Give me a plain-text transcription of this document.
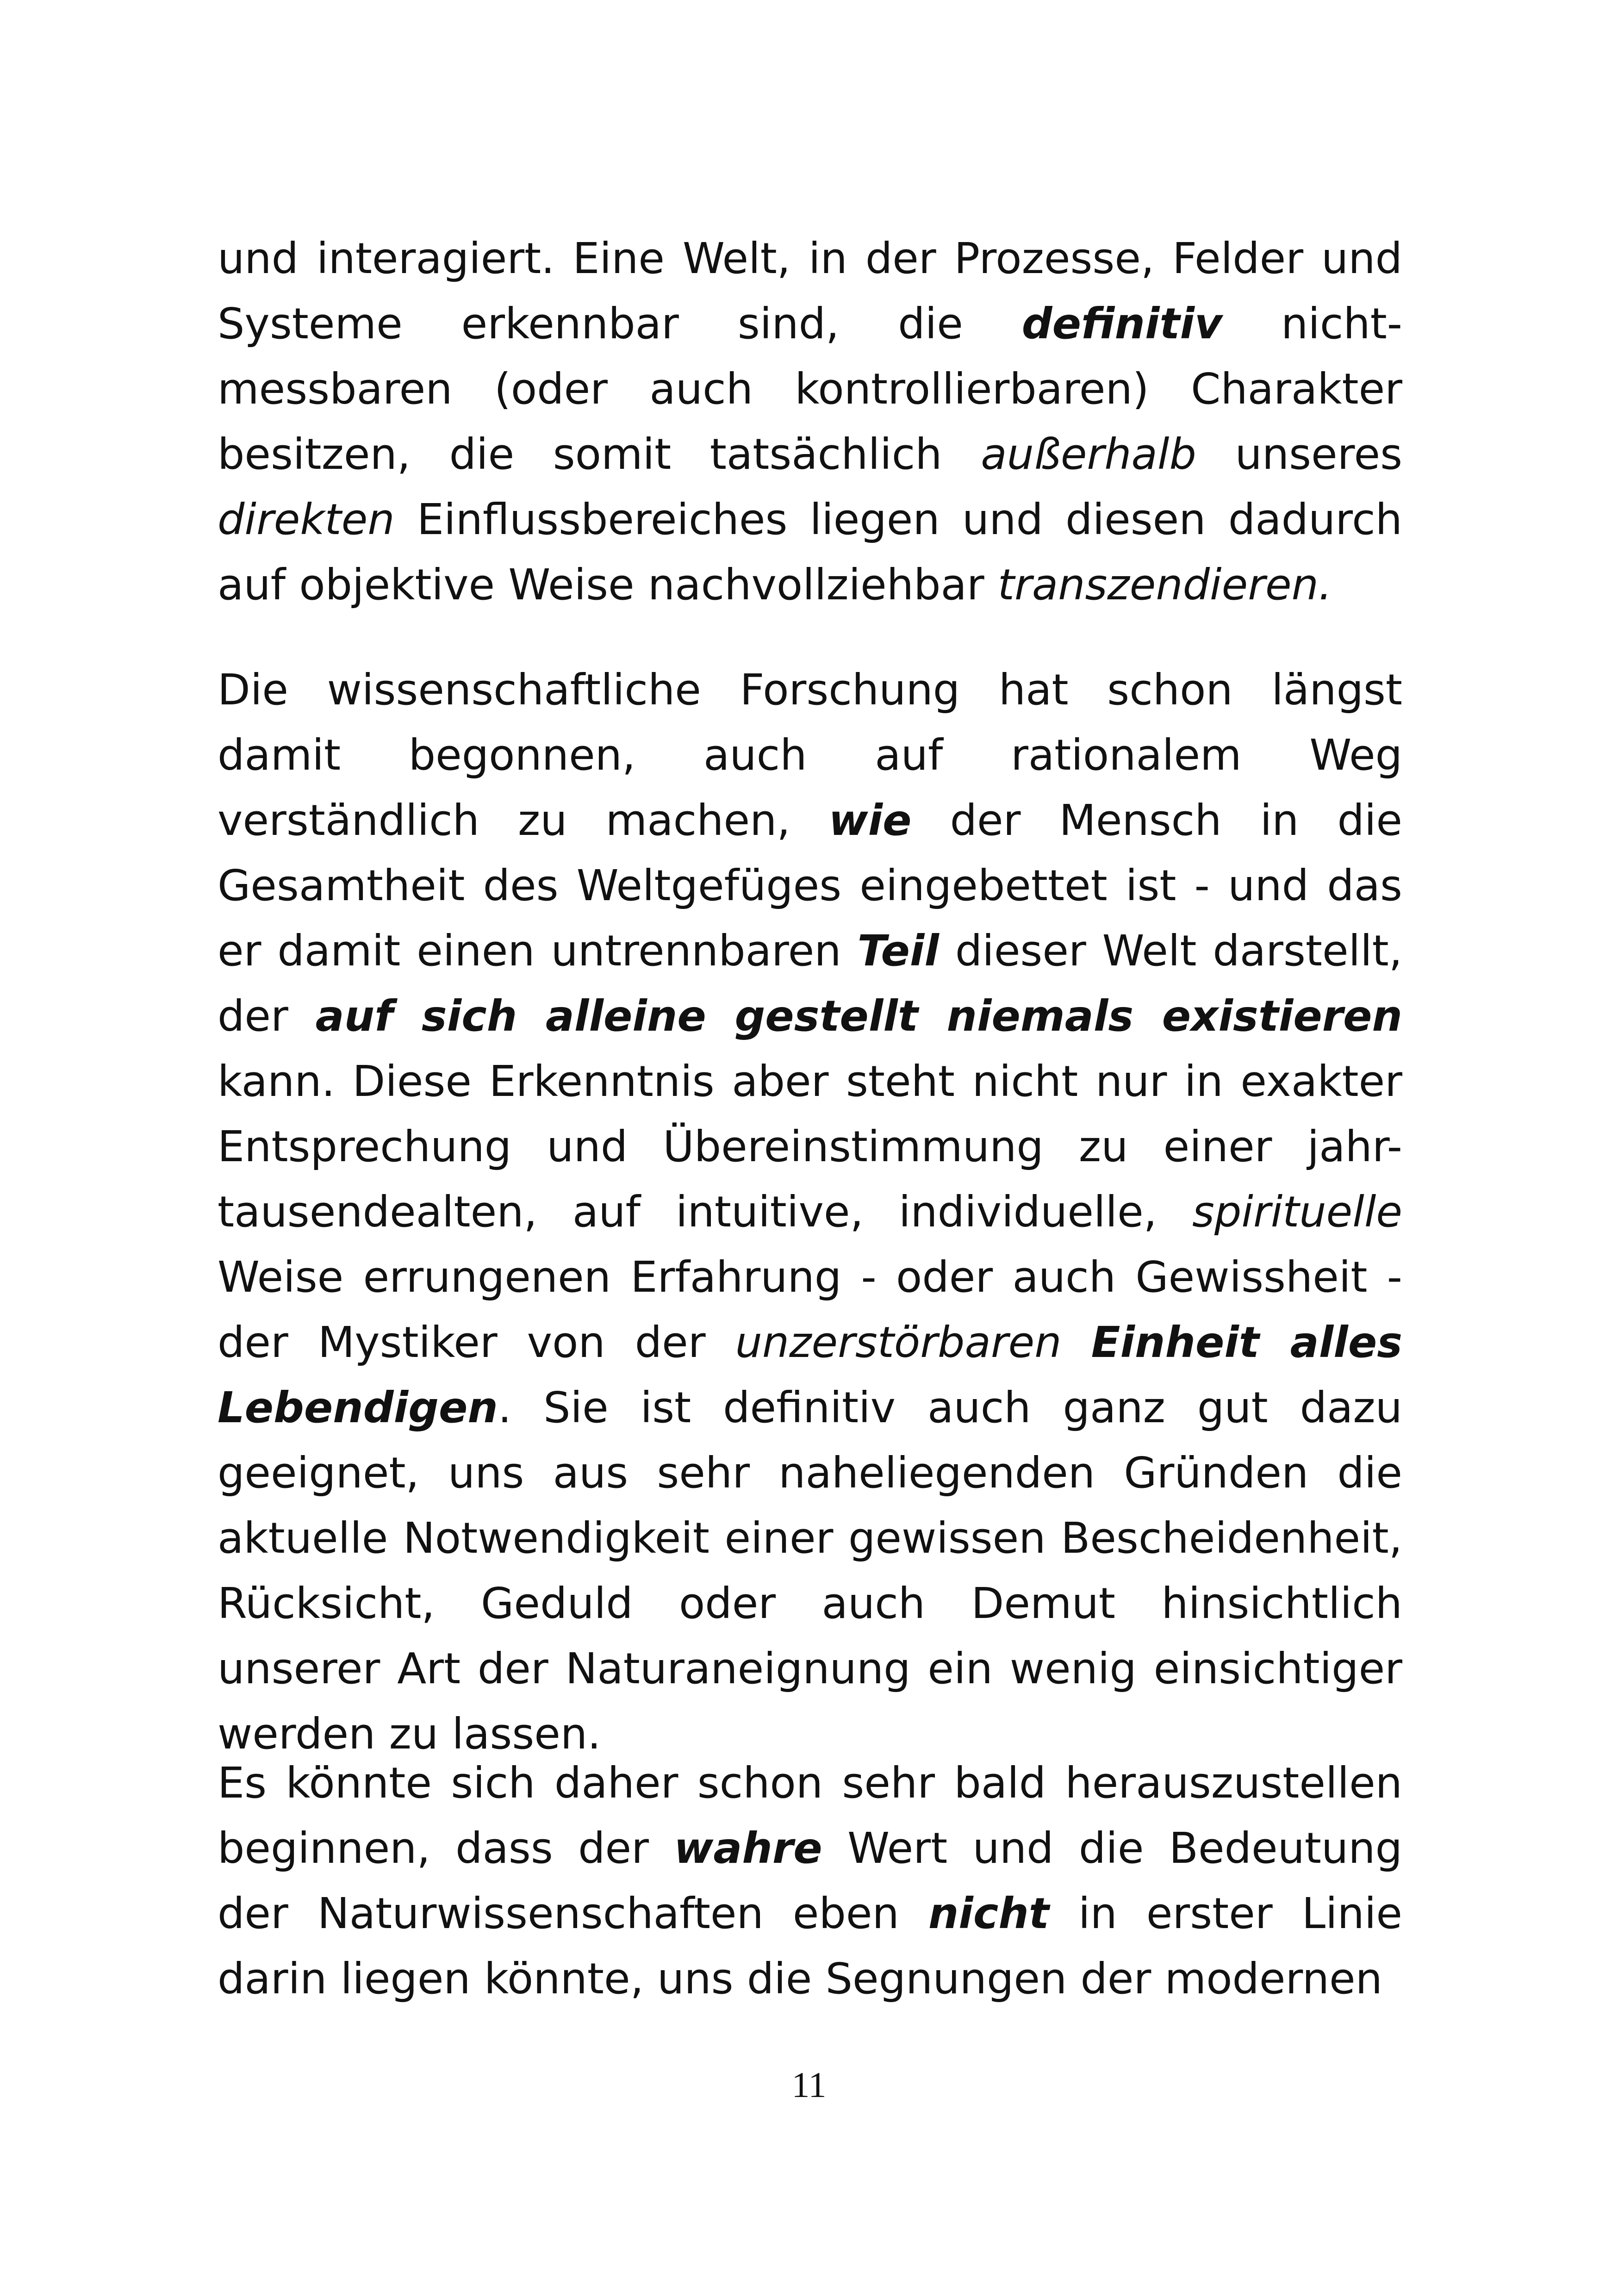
und interagiert. Eine Welt, in der Prozesse, Felder und Systeme erkennbar sind, die definitiv nicht-messbaren (oder auch kontrollierbaren) Charakter besitzen, die somit tatsächlich außerhalb unseres direkten Einflussbereiches liegen und diesen dadurch auf objektive Weise nachvollziehbar transzendieren.

Die wissenschaftliche Forschung hat schon längst damit begonnen, auch auf rationalem Weg verständlich zu machen, wie der Mensch in die Gesamtheit des Weltgefüges eingebettet ist - und das er damit einen untrennbaren Teil dieser Welt darstellt, der auf sich alleine gestellt niemals existieren kann. Diese Erkenntnis aber steht nicht nur in exakter Entsprechung und Übereinstimmung zu einer jahr-tausendealten, auf intuitive, individuelle, spirituelle Weise errungenen Erfahrung - oder auch Gewissheit - der Mystiker von der unzerstörbaren Einheit alles Lebendigen. Sie ist definitiv auch ganz gut dazu geeignet, uns aus sehr naheliegenden Gründen die aktuelle Notwendigkeit einer gewissen Bescheidenheit, Rücksicht, Geduld oder auch Demut hinsichtlich unserer Art der Naturaneignung ein wenig einsichtiger werden zu lassen.

Es könnte sich daher schon sehr bald herauszustellen beginnen, dass der wahre Wert und die Bedeutung der Naturwissenschaften eben nicht in erster Linie darin liegen könnte, uns die Segnungen der modernen

11
